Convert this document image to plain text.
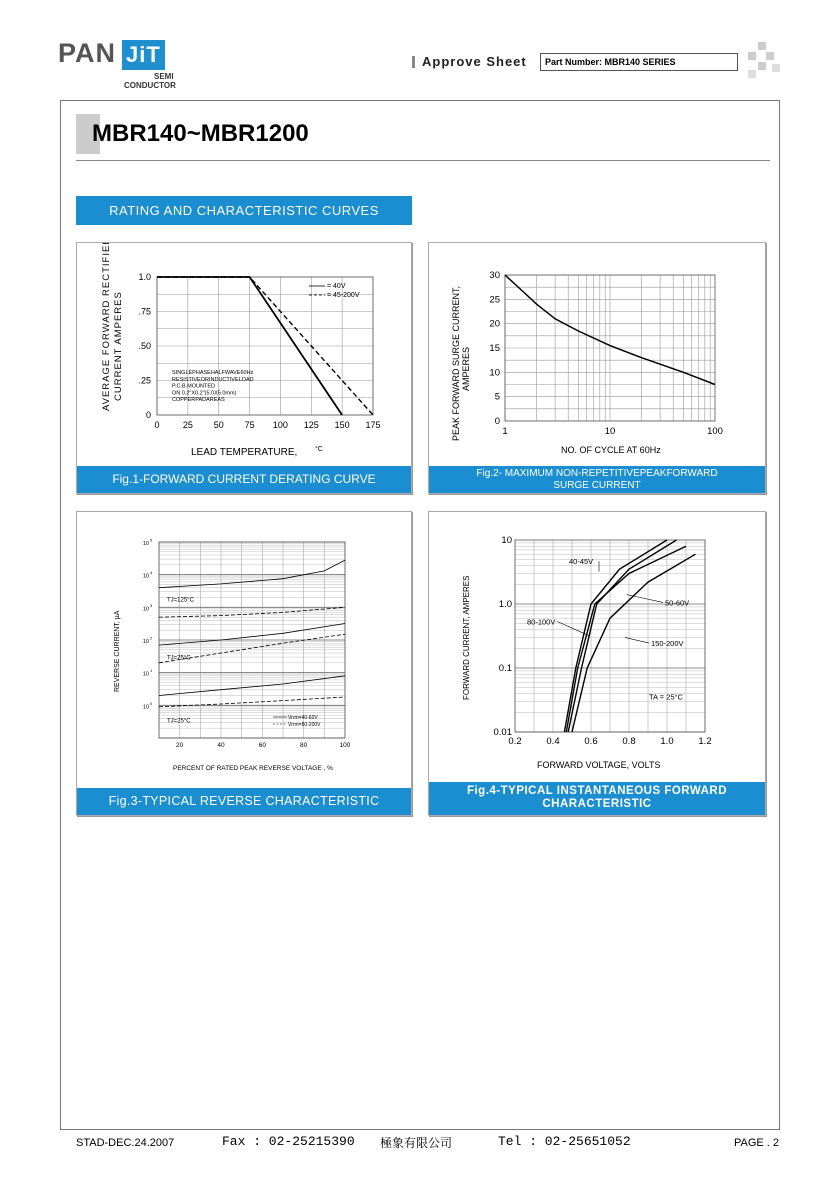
PAN JiT
SEMI
CONDUCTOR
Approve Sheet	Part Number: MBR140 SERIES
MBR140~MBR1200
RATING AND CHARACTERISTIC CURVES
AVERAGE FORWARD RECTIFIED CURRENT AMPERES
LEAD TEMPERATURE,	°C
0	25 50 75 100 125 150 175
0
.25
.50
.75
1.0
SINGLEPHASEHALFWAVE60Hz
RESISTIVEORINDUCTIVELOAD
P.C.B.MOUNTED
ON 0.2"X0.2"(5.0X5.0mm)
COPPERPADAREAS
= 40V
= 45-200V
Fig.1-FORWARD CURRENT DERATING CURVE
PEAK FORWARD SURGE CURRENT, AMPERES
NO. OF CYCLE AT 60Hz
1	10	100
0
5
10
15
20
25
30
Fig.2- MAXIMUM NON-REPETITIVEPEAKFORWARD
SURGE CURRENT
REVERSE CURRENT, µA
PERCENT OF RATED PEAK REVERSE VOLTAGE , %
20	40	60	80	100
10
0
10
1
10
2
10
3
10
4
10
5
TJ=125°C
TJ=75°C
TJ=25°C
Vrrm=40-60V
Vrrm=80-200V
Fig.3-TYPICAL REVERSE CHARACTERISTIC
FORWARD CURRENT, AMPERES
FORWARD VOLTAGE, VOLTS
0.2	0.4	0.6	0.8	1.0	1.2
0.01
0.1
1.0
10
40-45V
50-60V
80-100V
150-200V
TA = 25°C
Fig.4-TYPICAL INSTANTANEOUS FORWARD
CHARACTERISTIC
STAD-DEC.24.2007	Fax : 02-25215390 極象有限公司	Tel : 02-25651052	PAGE . 2
